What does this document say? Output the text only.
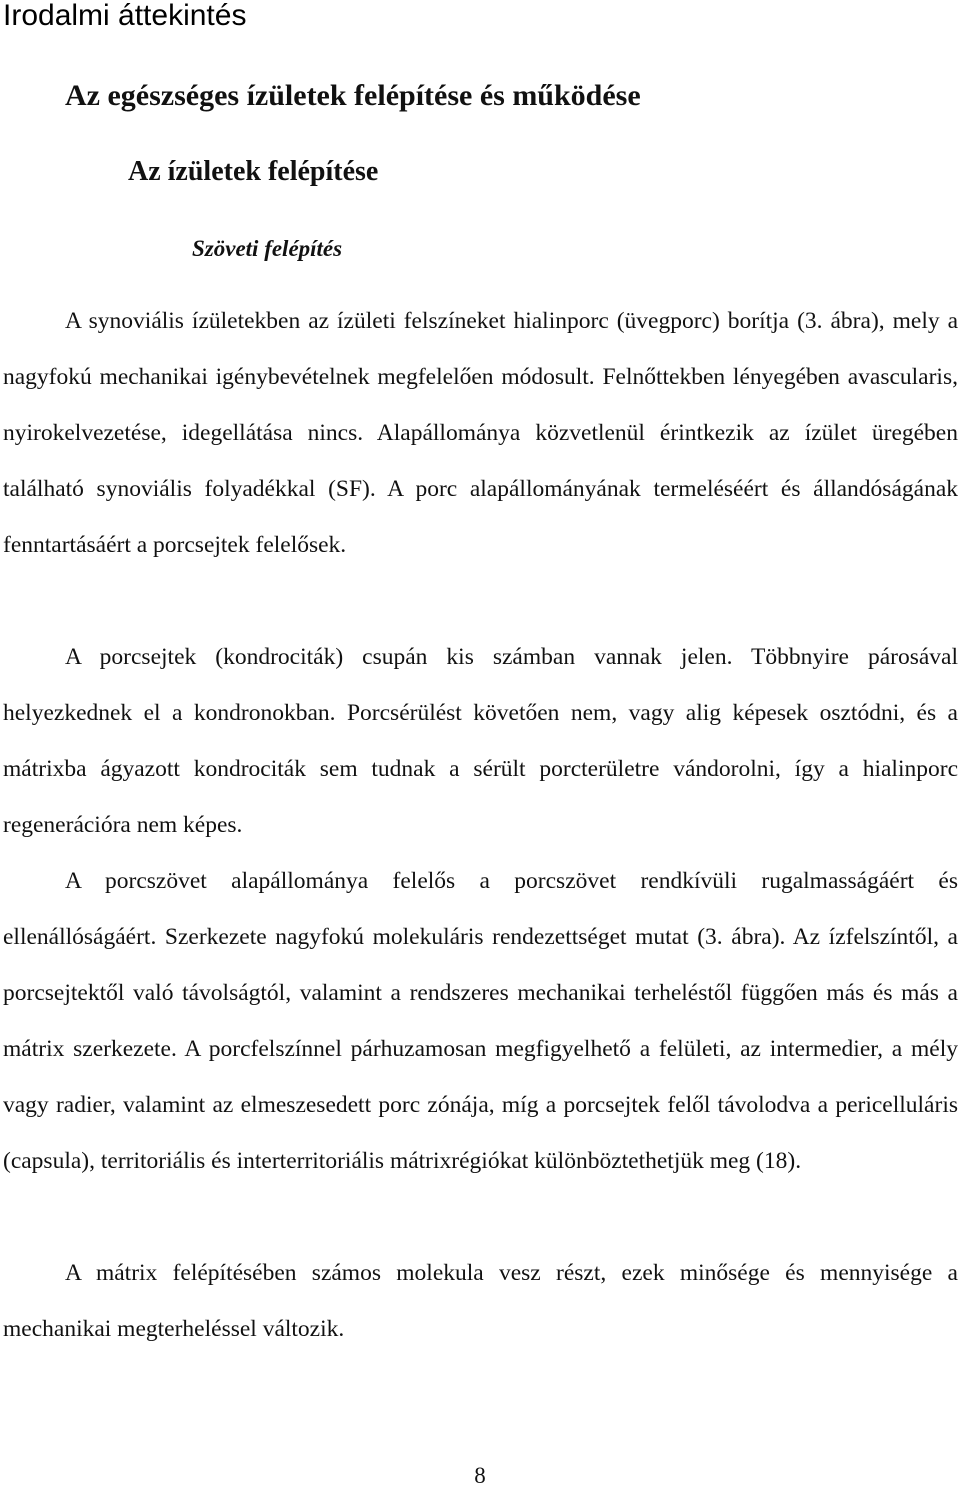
Irodalmi áttekintés
Az egészséges ízületek felépítése és működése
Az ízületek felépítése
Szöveti felépítés

A synoviális ízületekben az ízületi felszíneket hialinporc (üvegporc) borítja (3. ábra), mely a nagyfokú mechanikai igénybevételnek megfelelően módosult. Felnőttekben lényegében avascularis, nyirokelvezetése, idegellátása nincs. Alapállománya közvetlenül érintkezik az ízület üregében található synoviális folyadékkal (SF). A porc alapállományának termeléséért és állandóságának fenntartásáért a porcsejtek felelősek.

A porcsejtek (kondrociták) csupán kis számban vannak jelen. Többnyire párosával helyezkednek el a kondronokban. Porcsérülést követően nem, vagy alig képesek osztódni, és a mátrixba ágyazott kondrociták sem tudnak a sérült porcterületre vándorolni, így a hialinporc regenerációra nem képes.

A porcszövet alapállománya felelős a porcszövet rendkívüli rugalmasságáért és ellenállóságáért. Szerkezete nagyfokú molekuláris rendezettséget mutat (3. ábra). Az ízfelszíntől, a porcsejtektől való távolságtól, valamint a rendszeres mechanikai terheléstől függően más és más a mátrix szerkezete. A porcfelszínnel párhuzamosan megfigyelhető a felületi, az intermedier, a mély vagy radier, valamint az elmeszesedett porc zónája, míg a porcsejtek felől távolodva a pericelluláris (capsula), territoriális és interterritoriális mátrixrégiókat különböztethetjük meg (18).

A mátrix felépítésében számos molekula vesz részt, ezek minősége és mennyisége a mechanikai megterheléssel változik.

8
